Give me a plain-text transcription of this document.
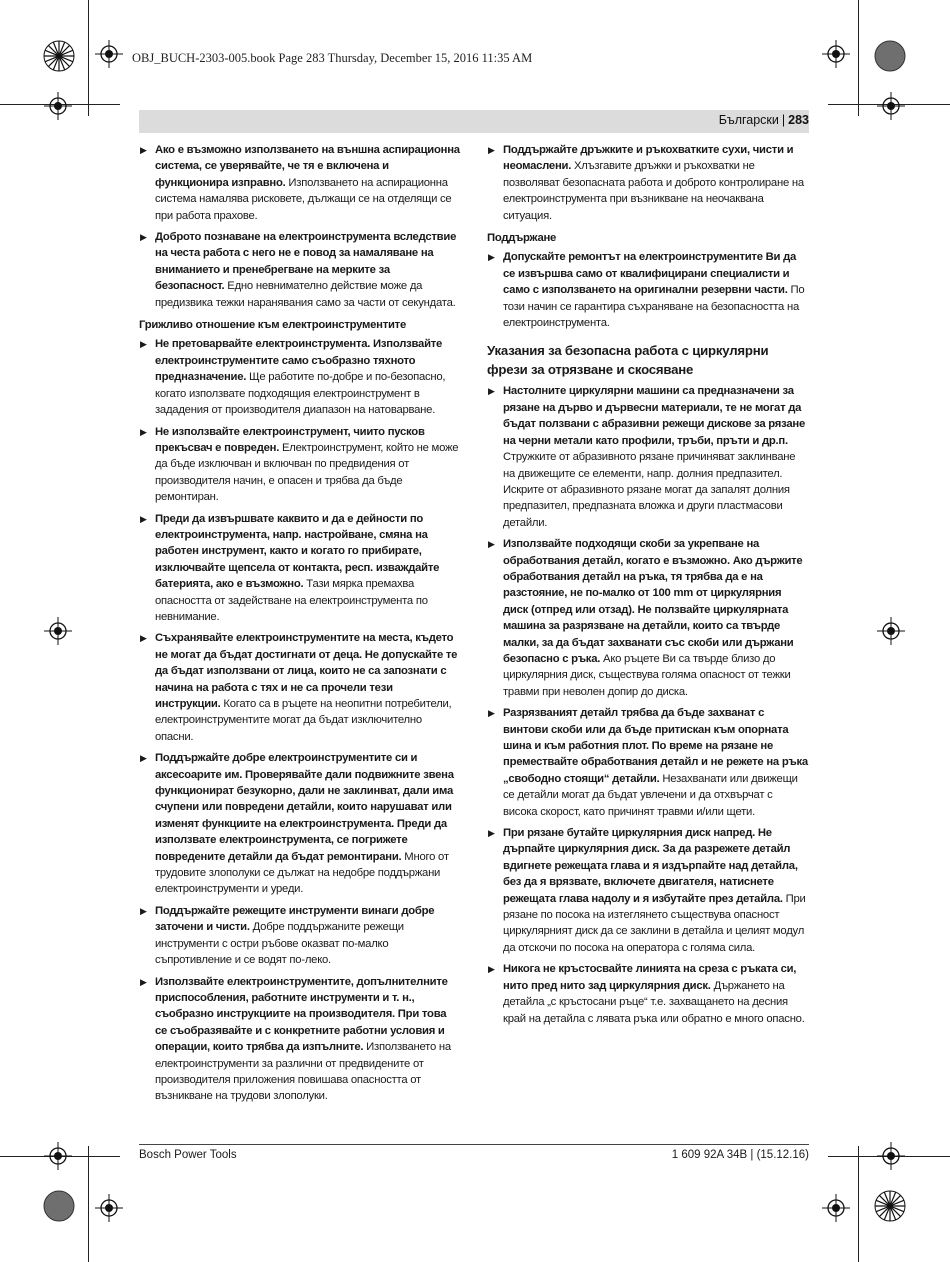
OBJ_BUCH-2303-005.book Page 283 Thursday, December 15, 2016 11:35 AM
Български | 283
▶ Ако е възможно използването на външна аспирационна система, се уверявайте, че тя е включена и функционира изправно. Използването на аспирационна система намалява рисковете, дължащи се на отделящи се при работа прахове.
▶ Доброто познаване на електроинструмента вследствие на честа работа с него не е повод за намаляване на вниманието и пренебрегване на мерките за безопасност. Едно невнимателно действие може да предизвика тежки наранявания само за части от секундата.
Грижливо отношение към електроинструментите
▶ Не претоварвайте електроинструмента. Използвайте електроинструментите само съобразно тяхното предназначение. Ще работите по-добре и по-безопасно, когато използвате подходящия електроинструмент в зададения от производителя диапазон на натоварване.
▶ Не използвайте електроинструмент, чиито пусков прекъсвач е повреден. Електроинструмент, който не може да бъде изключван и включван по предвидения от производителя начин, е опасен и трябва да бъде ремонтиран.
▶ Преди да извършвате каквито и да е дейности по електроинструмента, напр. настройване, смяна на работен инструмент, както и когато го прибирате, изключвайте щепсела от контакта, респ. изваждайте батерията, ако е възможно. Тази мярка премахва опасността от задействане на електроинструмента по невнимание.
▶ Съхранявайте електроинструментите на места, където не могат да бъдат достигнати от деца. Не допускайте те да бъдат използвани от лица, които не са запознати с начина на работа с тях и не са прочели тези инструкции. Когато са в ръцете на неопитни потребители, електроинструментите могат да бъдат изключително опасни.
▶ Поддържайте добре електроинструментите си и аксесоарите им. Проверявайте дали подвижните звена функционират безукорно, дали не заклинват, дали има счупени или повредени детайли, които нарушават или изменят функциите на електроинструмента. Преди да използвате електроинструмента, се погрижете повредените детайли да бъдат ремонтирани. Много от трудовите злополуки се дължат на недобре поддържани електроинструменти и уреди.
▶ Поддържайте режещите инструменти винаги добре заточени и чисти. Добре поддържаните режещи инструменти с остри ръбове оказват по-малко съпротивление и се водят по-леко.
▶ Използвайте електроинструментите, допълнителните приспособления, работните инструменти и т. н., съобразно инструкциите на производителя. При това се съобразявайте и с конкретните работни условия и операции, които трябва да изпълните. Използването на електроинструменти за различни от предвидените от производителя приложения повишава опасността от възникване на трудови злополуки.
▶ Поддържайте дръжките и ръкохватките сухи, чисти и неомаслени. Хлъзгавите дръжки и ръкохватки не позволяват безопасната работа и доброто контролиране на електроинструмента при възникване на неочаквана ситуация.
Поддържане
▶ Допускайте ремонтът на електроинструментите Ви да се извършва само от квалифицирани специалисти и само с използването на оригинални резервни части. По този начин се гарантира съхраняване на безопасността на електроинструмента.
Указания за безопасна работа с циркулярни фрези за отрязване и скосяване
▶ Настолните циркулярни машини са предназначени за рязане на дърво и дървесни материали, те не могат да бъдат ползвани с абразивни режещи дискове за рязане на черни метали като профили, тръби, пръти и др.п. Стружките от абразивното рязане причиняват заклинване на движещите се елементи, напр. долния предпазител. Искрите от абразивното рязане могат да запалят долния предпазител, предпазната вложка и други пластмасови детайли.
▶ Използвайте подходящи скоби за укрепване на обработвания детайл, когато е възможно. Ако държите обработвания детайл на ръка, тя трябва да е на разстояние, не по-малко от 100 mm от циркулярния диск (отпред или отзад). Не ползвайте циркулярната машина за разрязване на детайли, които са твърде малки, за да бъдат захванати със скоби или държани безопасно с ръка. Ако ръцете Ви са твърде близо до циркулярния диск, съществува голяма опасност от тежки травми при неволен допир до диска.
▶ Разрязваният детайл трябва да бъде захванат с винтови скоби или да бъде притискан към опорната шина и към работния плот. По време на рязане не премествайте обработвания детайл и не режете на ръка „свободно стоящи“ детайли. Незахванати или движещи се детайли могат да бъдат увлечени и да отхвърчат с висока скорост, като причинят травми и/или щети.
▶ При рязане бутайте циркулярния диск напред. Не дърпайте циркулярния диск. За да разрежете детайл вдигнете режещата глава и я издърпайте над детайла, без да я врязвате, включете двигателя, натиснете режещата глава надолу и я избутайте през детайла. При рязане по посока на изтеглянето съществува опасност циркулярният диск да се заклини в детайла и целият модул да отскочи по посока на оператора с голяма сила.
▶ Никога не кръстосвайте линията на среза с ръката си, нито пред нито зад циркулярния диск. Държането на детайла „с кръстосани ръце“ т.е. захващането на десния край на детайла с лявата ръка или обратно е много опасно.
Bosch Power Tools	1 609 92A 34B | (15.12.16)
